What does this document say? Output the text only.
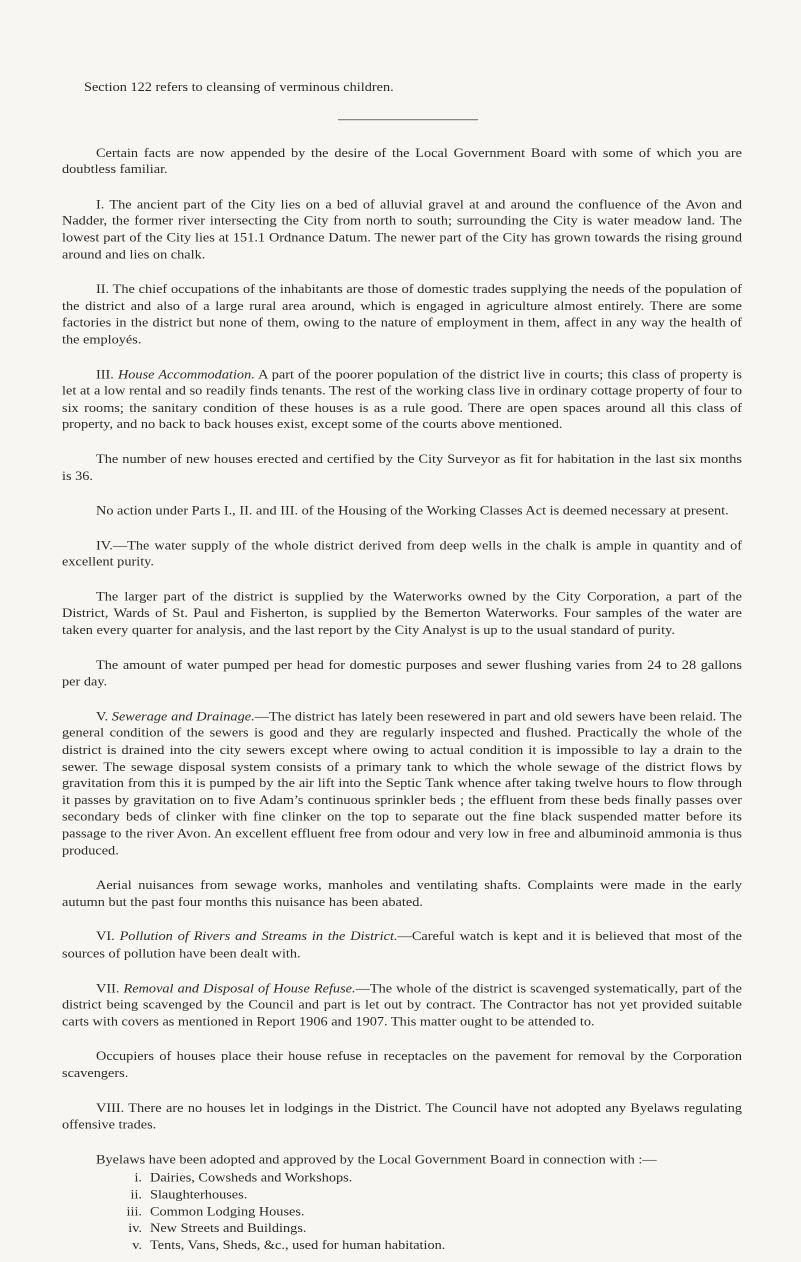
Section 122 refers to cleansing of verminous children.

Certain facts are now appended by the desire of the Local Government Board with some of which you are doubtless familiar.

I. The ancient part of the City lies on a bed of alluvial gravel at and around the confluence of the Avon and Nadder, the former river intersecting the City from north to south; surrounding the City is water meadow land. The lowest part of the City lies at 151.1 Ordnance Datum. The newer part of the City has grown towards the rising ground around and lies on chalk.

II. The chief occupations of the inhabitants are those of domestic trades supplying the needs of the population of the district and also of a large rural area around, which is engaged in agriculture almost entirely. There are some factories in the district but none of them, owing to the nature of employment in them, affect in any way the health of the employés.

III. House Accommodation. A part of the poorer population of the district live in courts; this class of property is let at a low rental and so readily finds tenants. The rest of the working class live in ordinary cottage property of four to six rooms; the sanitary condition of these houses is as a rule good. There are open spaces around all this class of property, and no back to back houses exist, except some of the courts above mentioned.

The number of new houses erected and certified by the City Surveyor as fit for habitation in the last six months is 36.

No action under Parts I., II. and III. of the Housing of the Working Classes Act is deemed necessary at present.

IV.—The water supply of the whole district derived from deep wells in the chalk is ample in quantity and of excellent purity.

The larger part of the district is supplied by the Waterworks owned by the City Corporation, a part of the District, Wards of St. Paul and Fisherton, is supplied by the Bemerton Waterworks. Four samples of the water are taken every quarter for analysis, and the last report by the City Analyst is up to the usual standard of purity.

The amount of water pumped per head for domestic purposes and sewer flushing varies from 24 to 28 gallons per day.

V. Sewerage and Drainage.—The district has lately been resewered in part and old sewers have been relaid. The general condition of the sewers is good and they are regularly inspected and flushed. Practically the whole of the district is drained into the city sewers except where owing to actual condition it is impossible to lay a drain to the sewer. The sewage disposal system consists of a primary tank to which the whole sewage of the district flows by gravitation from this it is pumped by the air lift into the Septic Tank whence after taking twelve hours to flow through it passes by gravitation on to five Adam’s continuous sprinkler beds ; the effluent from these beds finally passes over secondary beds of clinker with fine clinker on the top to separate out the fine black suspended matter before its passage to the river Avon. An excellent effluent free from odour and very low in free and albuminoid ammonia is thus produced.

Aerial nuisances from sewage works, manholes and ventilating shafts. Complaints were made in the early autumn but the past four months this nuisance has been abated.

VI. Pollution of Rivers and Streams in the District.—Careful watch is kept and it is believed that most of the sources of pollution have been dealt with.

VII. Removal and Disposal of House Refuse.—The whole of the district is scavenged systematically, part of the district being scavenged by the Council and part is let out by contract. The Contractor has not yet provided suitable carts with covers as mentioned in Report 1906 and 1907. This matter ought to be attended to.

Occupiers of houses place their house refuse in receptacles on the pavement for removal by the Corporation scavengers.

VIII. There are no houses let in lodgings in the District. The Council have not adopted any Byelaws regulating offensive trades.

Byelaws have been adopted and approved by the Local Government Board in connection with :—

i. Dairies, Cowsheds and Workshops.
ii. Slaughterhouses.
iii. Common Lodging Houses.
iv. New Streets and Buildings.
v. Tents, Vans, Sheds, &c., used for human habitation.
